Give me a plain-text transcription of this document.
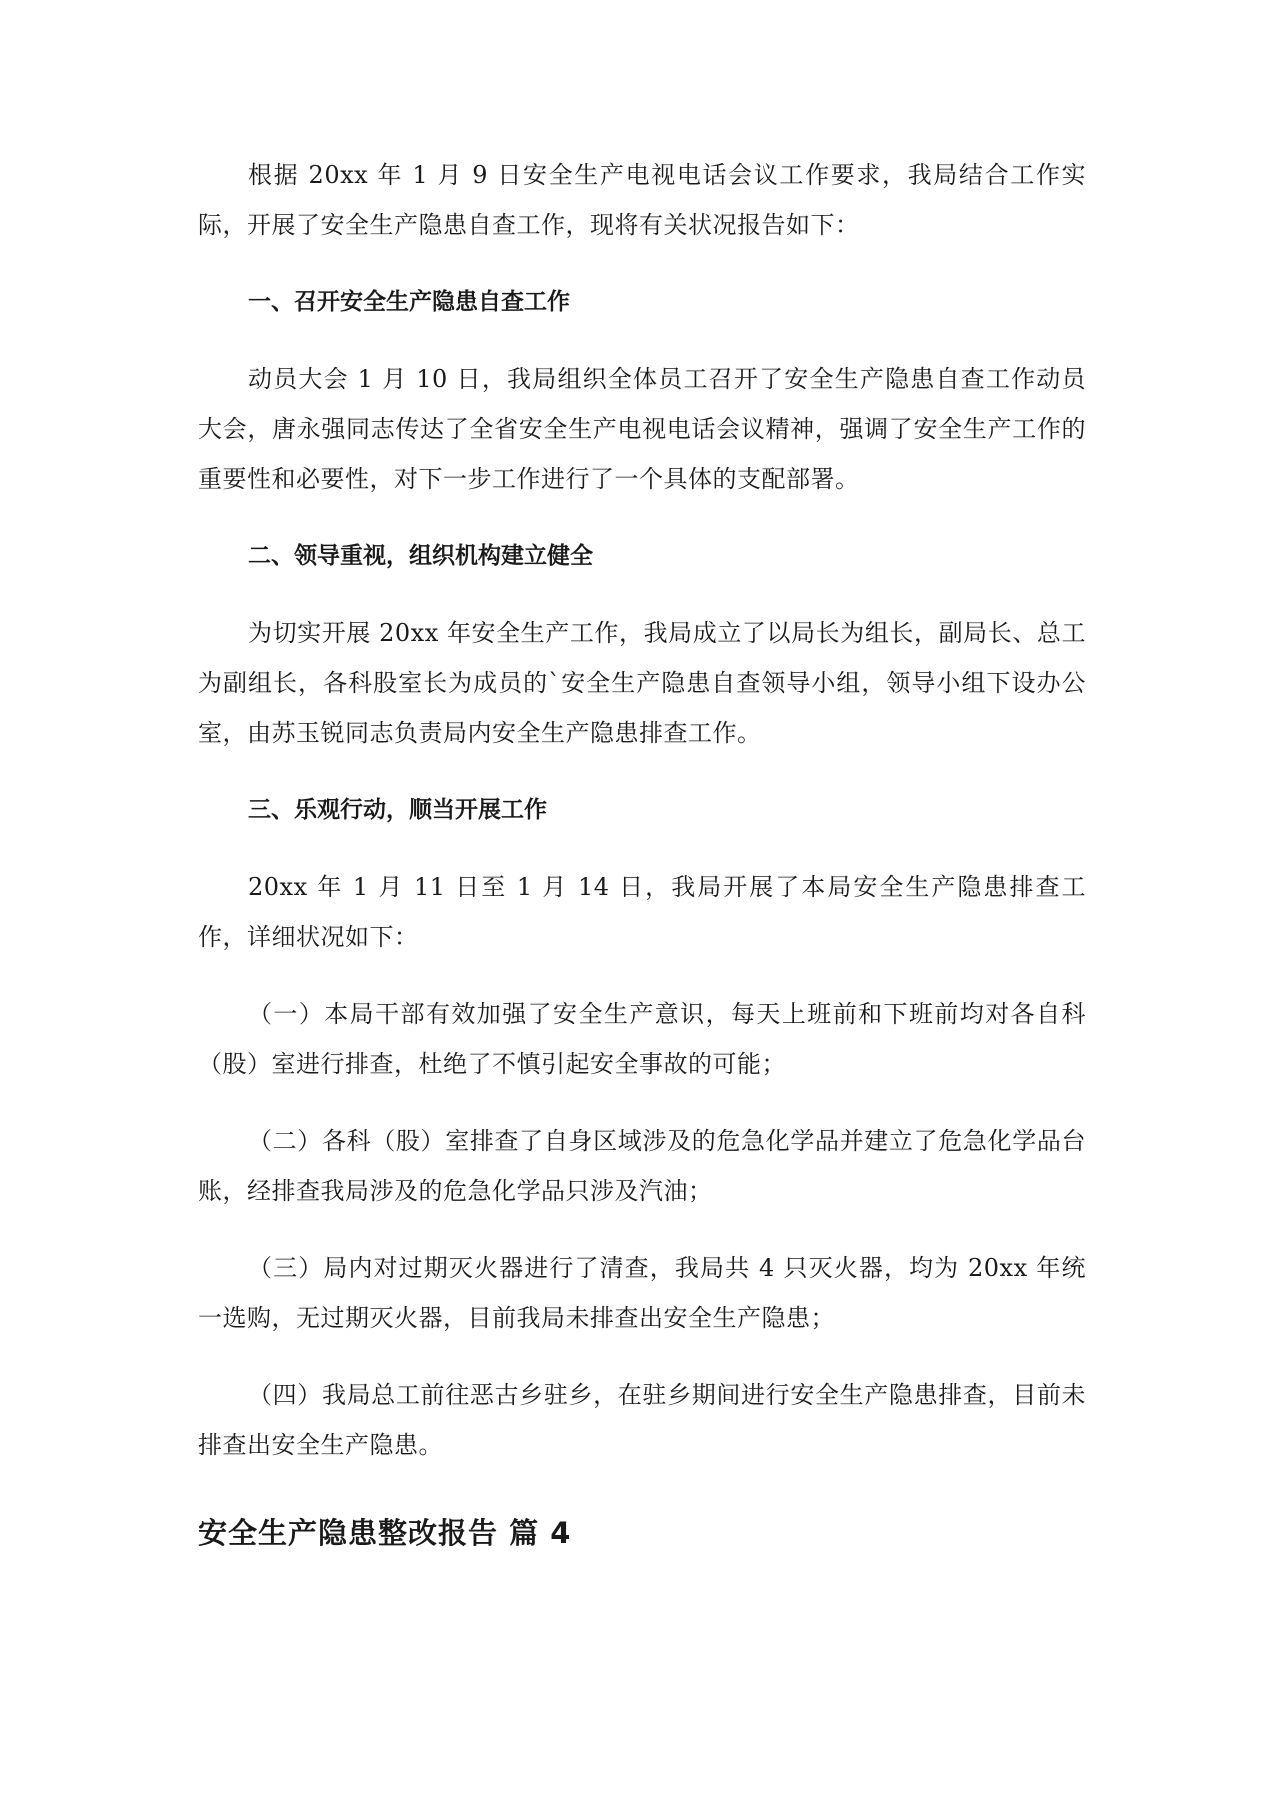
根据 20xx 年 1 月 9 日安全生产电视电话会议工作要求，我局结合工作实际，开展了安全生产隐患自查工作，现将有关状况报告如下：

一、召开安全生产隐患自查工作

动员大会 1 月 10 日，我局组织全体员工召开了安全生产隐患自查工作动员大会，唐永强同志传达了全省安全生产电视电话会议精神，强调了安全生产工作的重要性和必要性，对下一步工作进行了一个具体的支配部署。

二、领导重视，组织机构建立健全

为切实开展 20xx 年安全生产工作，我局成立了以局长为组长，副局长、总工为副组长，各科股室长为成员的`安全生产隐患自查领导小组，领导小组下设办公室，由苏玉锐同志负责局内安全生产隐患排查工作。

三、乐观行动，顺当开展工作

20xx 年 1 月 11 日至 1 月 14 日，我局开展了本局安全生产隐患排查工作，详细状况如下：

（一）本局干部有效加强了安全生产意识，每天上班前和下班前均对各自科（股）室进行排查，杜绝了不慎引起安全事故的可能；

（二）各科（股）室排查了自身区域涉及的危急化学品并建立了危急化学品台账，经排查我局涉及的危急化学品只涉及汽油；

（三）局内对过期灭火器进行了清查，我局共 4 只灭火器，均为 20xx 年统一选购，无过期灭火器，目前我局未排查出安全生产隐患；

（四）我局总工前往恶古乡驻乡，在驻乡期间进行安全生产隐患排查，目前未排查出安全生产隐患。

安全生产隐患整改报告 篇 4
